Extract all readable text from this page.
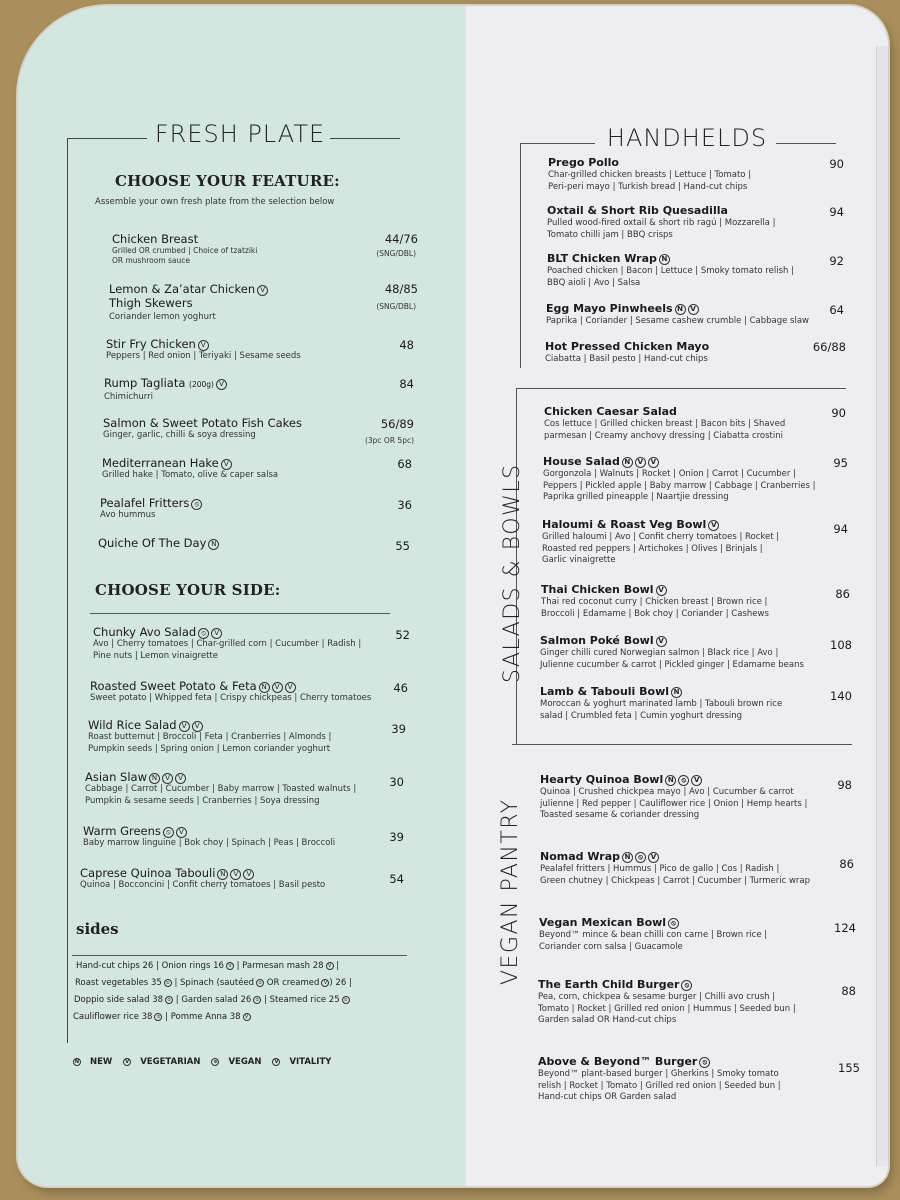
FRESH PLATE
CHOOSE YOUR FEATURE:
Assemble your own fresh plate from the selection below
Chicken Breast
Grilled OR crumbed | Choice of tzatziki
OR mushroom sauce
44/76
(SNG/DBL)
Lemon & Za’atar Chicken V
Thigh Skewers
Coriander lemon yoghurt
48/85
(SNG/DBL)
Stir Fry Chicken V
Peppers | Red onion | Teriyaki | Sesame seeds
48
Rump Tagliata (200g) V
Chimichurri
84
Salmon & Sweet Potato Fish Cakes
Ginger, garlic, chilli & soya dressing
56/89
(3pc OR 5pc)
Mediterranean Hake V
Grilled hake | Tomato, olive & caper salsa
68
Pealafel Fritters ⦸
Avo hummus
36
Quiche Of The Day N	55
CHOOSE YOUR SIDE:
Chunky Avo Salad ⦸ V
Avo | Cherry tomatoes | Char-grilled corn | Cucumber | Radish |
Pine nuts | Lemon vinaigrette
52
Roasted Sweet Potato & Feta N V V
Sweet potato | Whipped feta | Crispy chickpeas | Cherry tomatoes
46
Wild Rice Salad V V
Roast butternut | Broccoli | Feta | Cranberries | Almonds |
Pumpkin seeds | Spring onion | Lemon coriander yoghurt
39
Asian Slaw N V V
Cabbage | Carrot | Cucumber | Baby marrow | Toasted walnuts |
Pumpkin & sesame seeds | Cranberries | Soya dressing
30
Warm Greens ⦸ V
Baby marrow linguine | Bok choy | Spinach | Peas | Broccoli	39
Caprese Quinoa Tabouli N V V
Quinoa | Bocconcini | Confit cherry tomatoes | Basil pesto	54
sides
Hand-cut chips 26 | Onion rings 16 V | Parmesan mash 28 V |
Roast vegetables 35 ⦸ | Spinach (sautéed ⦸ OR creamed V ) 26 |
Doppio side salad 38 ⦸ | Garden salad 26 ⦸ | Steamed rice 25 ⦸
Cauliflower rice 38 ⦸ | Pomme Anna 38 V
N NEW	V VEGETARIAN	⦸ VEGAN	V VITALITY
HANDHELDS
Prego Pollo
Char-grilled chicken breasts | Lettuce | Tomato |
Peri-peri mayo | Turkish bread | Hand-cut chips
90
Oxtail & Short Rib Quesadilla
Pulled wood-fired oxtail & short rib ragú | Mozzarella |
Tomato chilli jam | BBQ crisps
94
BLT Chicken Wrap N
Poached chicken | Bacon | Lettuce | Smoky tomato relish |
BBQ aioli | Avo | Salsa
92
Egg Mayo Pinwheels N V
Paprika | Coriander | Sesame cashew crumble | Cabbage slaw
64
Hot Pressed Chicken Mayo
Ciabatta | Basil pesto | Hand-cut chips
66/88
SALADS & BOWLS
Chicken Caesar Salad
Cos lettuce | Grilled chicken breast | Bacon bits | Shaved
parmesan | Creamy anchovy dressing | Ciabatta crostini
90
House Salad N V V
Gorgonzola | Walnuts | Rocket | Onion | Carrot | Cucumber |
Peppers | Pickled apple | Baby marrow | Cabbage | Cranberries |
Paprika grilled pineapple | Naartjie dressing
95
Haloumi & Roast Veg Bowl V
Grilled haloumi | Avo | Confit cherry tomatoes | Rocket |
Roasted red peppers | Artichokes | Olives | Brinjals |
Garlic vinaigrette
94
Thai Chicken Bowl V
Thai red coconut curry | Chicken breast | Brown rice |
Broccoli | Edamame | Bok choy | Coriander | Cashews
86
Salmon Poké Bowl V
Ginger chilli cured Norwegian salmon | Black rice | Avo |
Julienne cucumber & carrot | Pickled ginger | Edamame beans
108
Lamb & Tabouli Bowl N
Moroccan & yoghurt marinated lamb | Tabouli brown rice
salad | Crumbled feta | Cumin yoghurt dressing
140
VEGAN PANTRY
Hearty Quinoa Bowl N ⦸ V
Quinoa | Crushed chickpea mayo | Avo | Cucumber & carrot
julienne | Red pepper | Cauliflower rice | Onion | Hemp hearts |
Toasted sesame & coriander dressing
98
Nomad Wrap N ⦸ V
Pealafel fritters | Hummus | Pico de gallo | Cos | Radish |
Green chutney | Chickpeas | Carrot | Cucumber | Turmeric wrap
86
Vegan Mexican Bowl ⦸
Beyond™ mince & bean chilli con carne | Brown rice |
Coriander corn salsa | Guacamole
124
The Earth Child Burger ⦸
Pea, corn, chickpea & sesame burger | Chilli avo crush |
Tomato | Rocket | Grilled red onion | Hummus | Seeded bun |
Garden salad OR Hand-cut chips
88
Above & Beyond™ Burger ⦸
Beyond™ plant-based burger | Gherkins | Smoky tomato
relish | Rocket | Tomato | Grilled red onion | Seeded bun |
Hand-cut chips OR Garden salad
155
